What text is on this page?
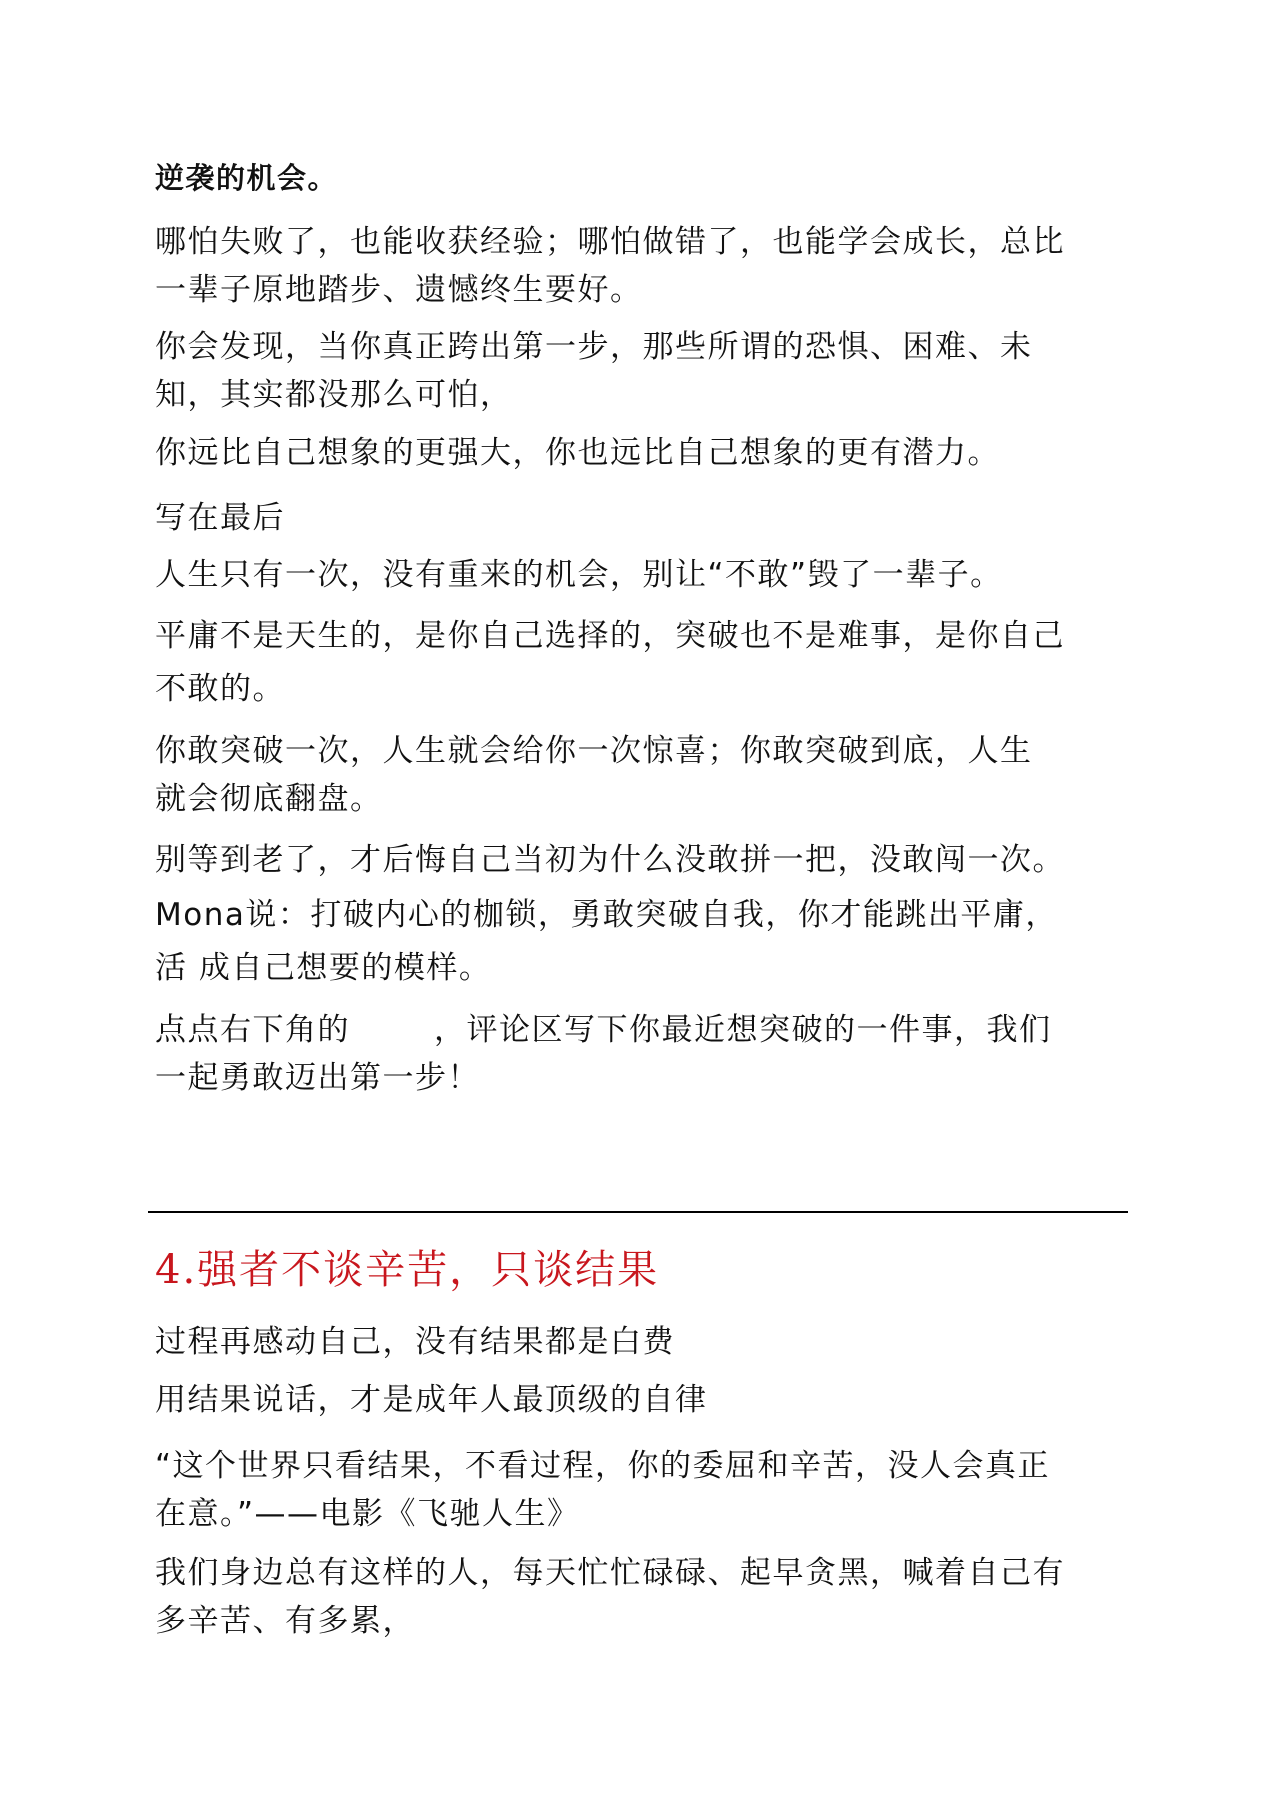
逆袭的机会。

哪怕失败了，也能收获经验；哪怕做错了，也能学会成长，总比
一辈子原地踏步、遗憾终生要好。

你会发现，当你真正跨出第一步，那些所谓的恐惧、困难、未
知，其实都没那么可怕，

你远比自己想象的更强大，你也远比自己想象的更有潜力。

写在最后

人生只有一次，没有重来的机会，别让“不敢”毁了一辈子。

平庸不是天生的，是你自己选择的，突破也不是难事，是你自己
不敢的。

你敢突破一次，人生就会给你一次惊喜；你敢突破到底，人生
就会彻底翻盘。

别等到老了，才后悔自己当初为什么没敢拼一把，没敢闯一次。

Mona说：打破内心的枷锁，勇敢突破自我，你才能跳出平庸，
活 成自己想要的模样。

点点右下角的	，评论区写下你最近想突破的一件事，我们
一起勇敢迈出第一步！

4.强者不谈辛苦，只谈结果

过程再感动自己，没有结果都是白费

用结果说话，才是成年人最顶级的自律

“这个世界只看结果，不看过程，你的委屈和辛苦，没人会真正
在意。”——电影《飞驰人生》

我们身边总有这样的人，每天忙忙碌碌、起早贪黑，喊着自己有
多辛苦、有多累，
